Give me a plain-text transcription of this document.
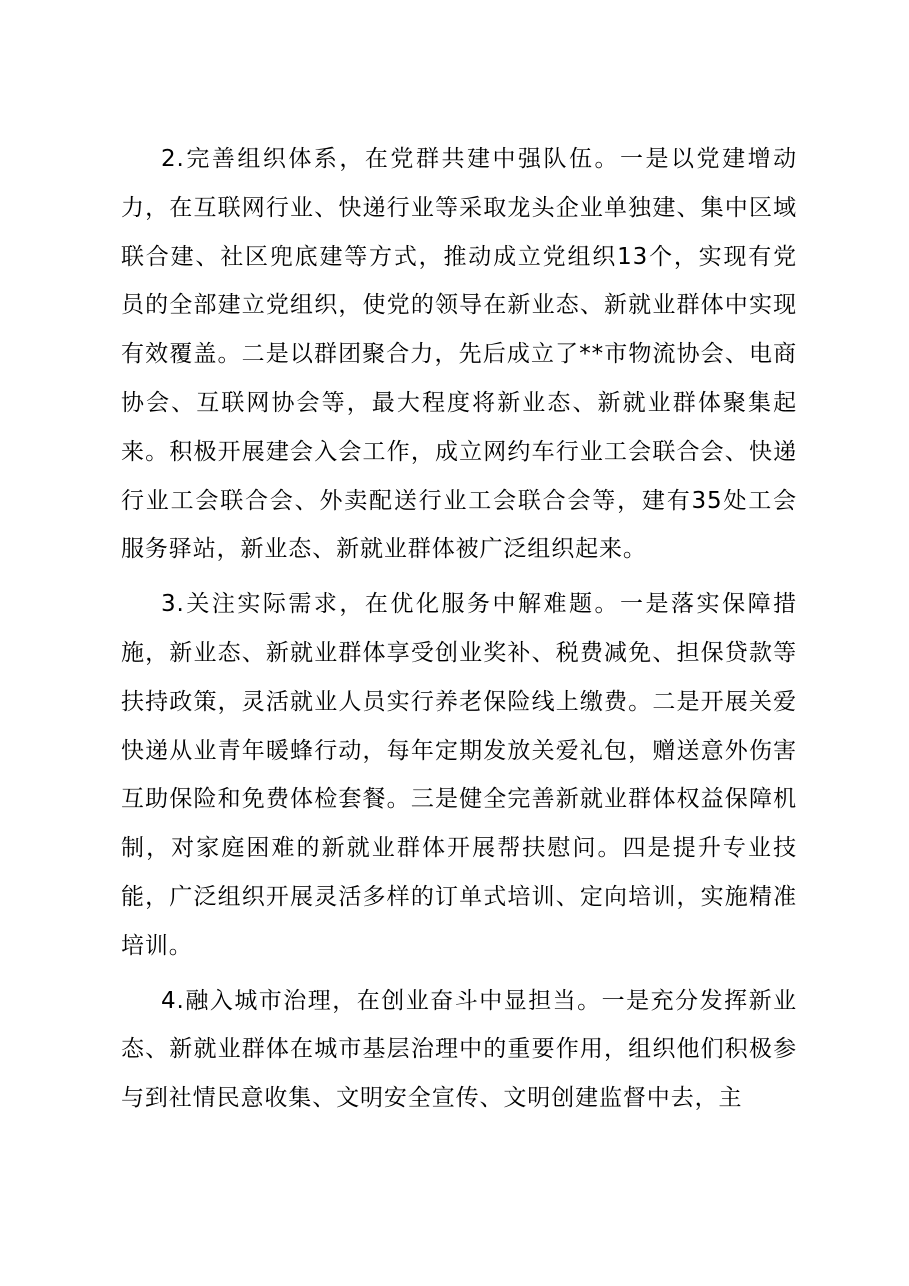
2.完善组织体系，在党群共建中强队伍。一是以党建增动力，在互联网行业、快递行业等采取龙头企业单独建、集中区域联合建、社区兜底建等方式，推动成立党组织13个，实现有党员的全部建立党组织，使党的领导在新业态、新就业群体中实现有效覆盖。二是以群团聚合力，先后成立了**市物流协会、电商协会、互联网协会等，最大程度将新业态、新就业群体聚集起来。积极开展建会入会工作，成立网约车行业工会联合会、快递行业工会联合会、外卖配送行业工会联合会等，建有35处工会服务驿站，新业态、新就业群体被广泛组织起来。

3.关注实际需求，在优化服务中解难题。一是落实保障措施，新业态、新就业群体享受创业奖补、税费减免、担保贷款等扶持政策，灵活就业人员实行养老保险线上缴费。二是开展关爱快递从业青年暖蜂行动，每年定期发放关爱礼包，赠送意外伤害互助保险和免费体检套餐。三是健全完善新就业群体权益保障机制，对家庭困难的新就业群体开展帮扶慰问。四是提升专业技能，广泛组织开展灵活多样的订单式培训、定向培训，实施精准培训。

4.融入城市治理，在创业奋斗中显担当。一是充分发挥新业态、新就业群体在城市基层治理中的重要作用，组织他们积极参与到社情民意收集、文明安全宣传、文明创建监督中去，主
